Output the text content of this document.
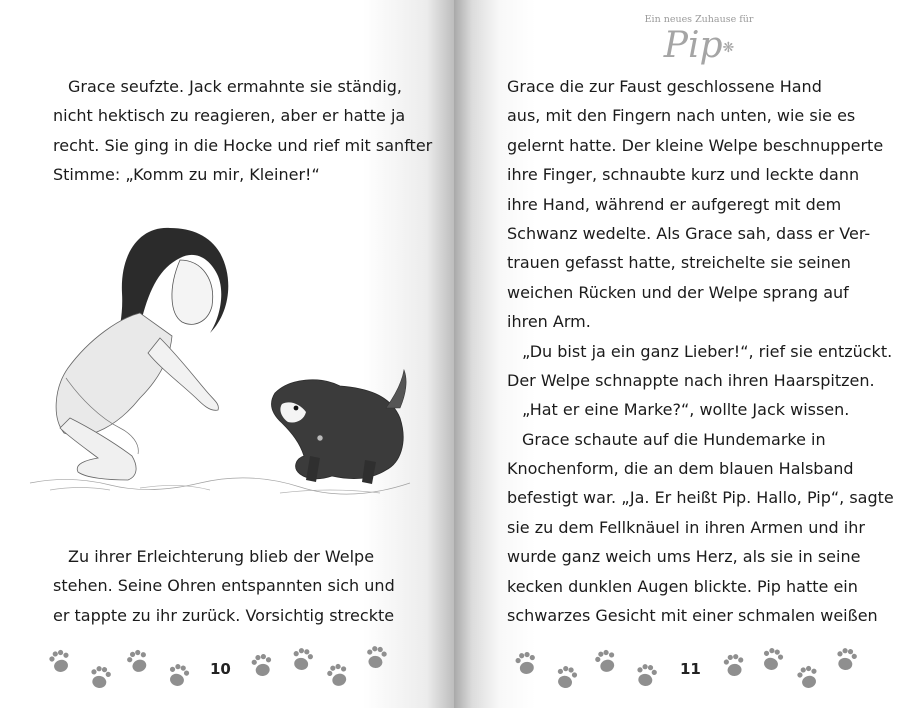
Grace seufzte. Jack ermahnte sie ständig,
nicht hektisch zu reagieren, aber er hatte ja
recht. Sie ging in die Hocke und rief mit sanfter
Stimme: „Komm zu mir, Kleiner!“
Zu ihrer Erleichterung blieb der Welpe
stehen. Seine Ohren entspannten sich und
er tappte zu ihr zurück. Vorsichtig streckte
10
Ein neues Zuhause für
Pip❋
Grace die zur Faust geschlossene Hand
aus, mit den Fingern nach unten, wie sie es
gelernt hatte. Der kleine Welpe beschnupperte
ihre Finger, schnaubte kurz und leckte dann
ihre Hand, während er aufgeregt mit dem
Schwanz wedelte. Als Grace sah, dass er Ver-
trauen gefasst hatte, streichelte sie seinen
weichen Rücken und der Welpe sprang auf
ihren Arm.
„Du bist ja ein ganz Lieber!“, rief sie entzückt.
Der Welpe schnappte nach ihren Haarspitzen.
„Hat er eine Marke?“, wollte Jack wissen.
Grace schaute auf die Hundemarke in
Knochenform, die an dem blauen Halsband
befestigt war. „Ja. Er heißt Pip. Hallo, Pip“, sagte
sie zu dem Fellknäuel in ihren Armen und ihr
wurde ganz weich ums Herz, als sie in seine
kecken dunklen Augen blickte. Pip hatte ein
schwarzes Gesicht mit einer schmalen weißen
11
